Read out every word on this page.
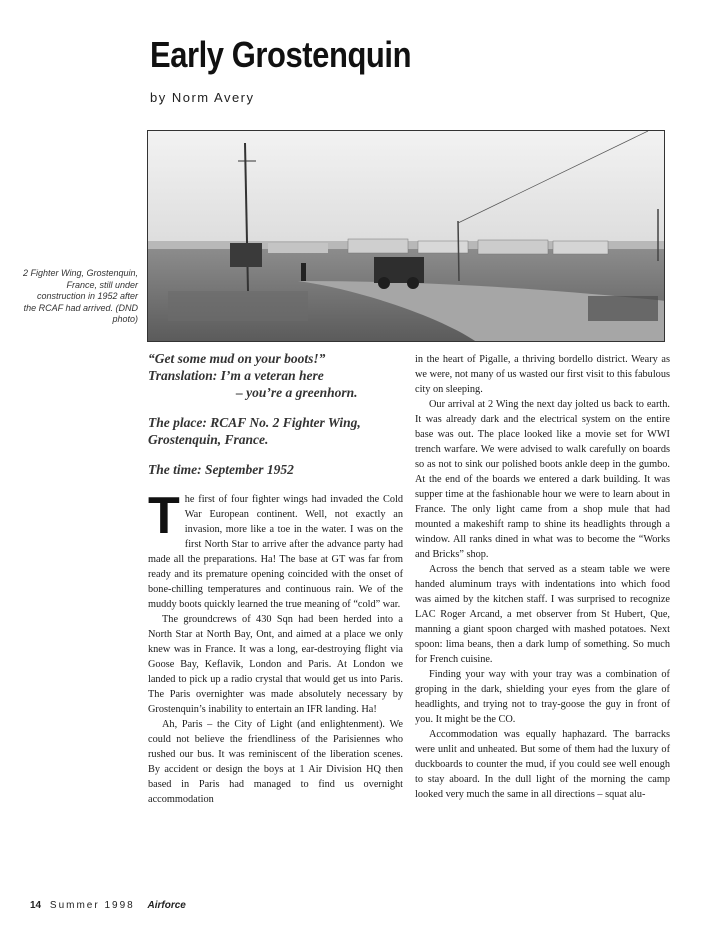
Early Grostenquin
by Norm Avery
2 Fighter Wing, Grostenquin, France, still under construction in 1952 after the RCAF had arrived. (DND photo)

“Get some mud on your boots!”
Translation: I’m a veteran here

– you’re a greenhorn.

The place: RCAF No. 2 Fighter Wing, Grostenquin, France.

The time: September 1952

The first of four fighter wings had invaded the Cold War European continent. Well, not exactly an invasion, more like a toe in the water. I was on the first North Star to arrive after the advance party had made all the preparations. Ha! The base at GT was far from ready and its premature opening coincided with the onset of bone-chilling temperatures and continuous rain. We of the muddy boots quickly learned the true meaning of “cold” war.

The groundcrews of 430 Sqn had been herded into a North Star at North Bay, Ont, and aimed at a place we only knew was in France. It was a long, ear-destroying flight via Goose Bay, Keflavik, London and Paris. At London we landed to pick up a radio crystal that would get us into Paris. The Paris overnighter was made absolutely necessary by Grostenquin’s inability to entertain an IFR landing. Ha!

Ah, Paris – the City of Light (and enlightenment). We could not believe the friendliness of the Parisiennes who rushed our bus. It was reminiscent of the liberation scenes. By accident or design the boys at 1 Air Division HQ then based in Paris had managed to find us overnight accommodation

in the heart of Pigalle, a thriving bordello district. Weary as we were, not many of us wasted our first visit to this fabulous city on sleeping.

Our arrival at 2 Wing the next day jolted us back to earth. It was already dark and the electrical system on the entire base was out. The place looked like a movie set for WWI trench warfare. We were advised to walk carefully on boards so as not to sink our polished boots ankle deep in the gumbo. At the end of the boards we entered a dark building. It was supper time at the fashionable hour we were to learn about in France. The only light came from a shop mule that had mounted a makeshift ramp to shine its headlights through a window. All ranks dined in what was to become the “Works and Bricks” shop.

Across the bench that served as a steam table we were handed aluminum trays with indentations into which food was aimed by the kitchen staff. I was surprised to recognize LAC Roger Arcand, a met observer from St Hubert, Que, manning a giant spoon charged with mashed potatoes. Next spoon: lima beans, then a dark lump of something. So much for French cuisine.

Finding your way with your tray was a combination of groping in the dark, shielding your eyes from the glare of headlights, and trying not to tray-goose the guy in front of you. It might be the CO.

Accommodation was equally haphazard. The barracks were unlit and unheated. But some of them had the luxury of duckboards to counter the mud, if you could see well enough to stay aboard. In the dull light of the morning the camp looked very much the same in all directions – squat alu-

14 Summer 1998 Airforce
